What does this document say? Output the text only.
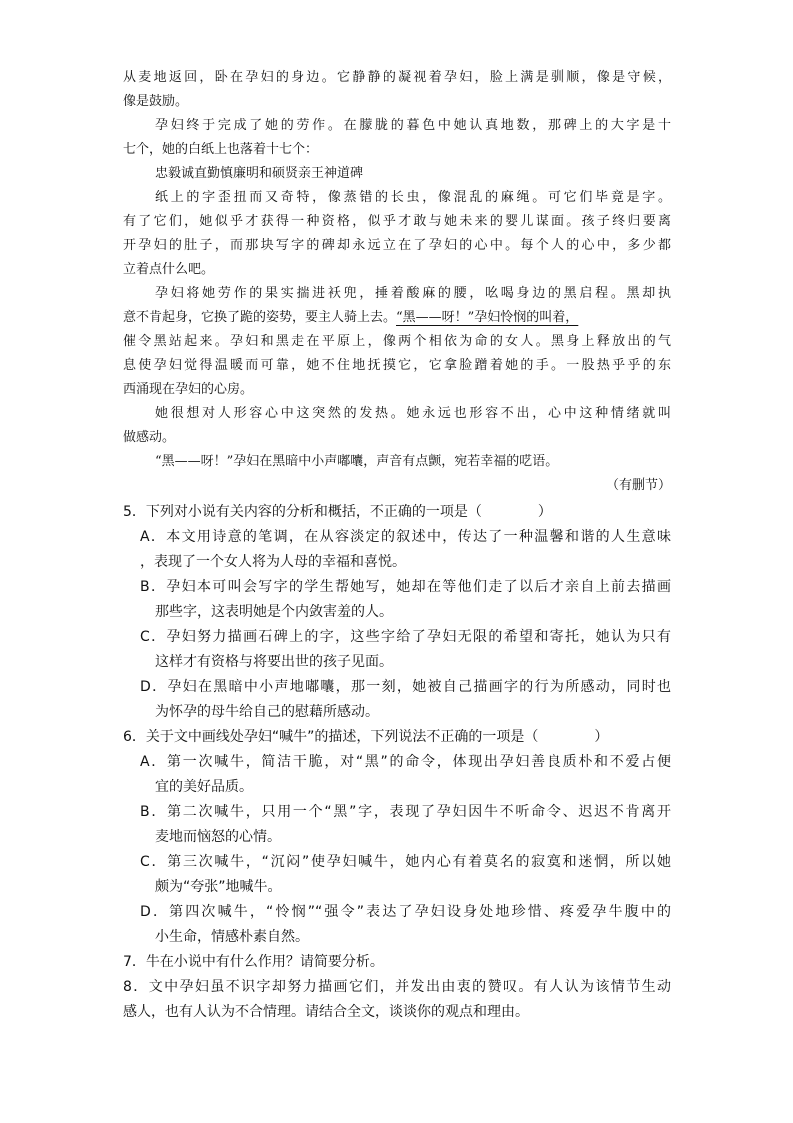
从麦地返回，卧在孕妇的身边。它静静的凝视着孕妇，脸上满是驯顺，像是守候，
像是鼓励。
孕妇终于完成了她的劳作。在朦胧的暮色中她认真地数，那碑上的大字是十
七个，她的白纸上也落着十七个：
忠毅诚直勤慎廉明和硕贤亲王神道碑
纸上的字歪扭而又奇特，像蒸错的长虫，像混乱的麻绳。可它们毕竟是字。
有了它们，她似乎才获得一种资格，似乎才敢与她未来的婴儿谋面。孩子终归要离
开孕妇的肚子，而那块写字的碑却永远立在了孕妇的心中。每个人的心中，多少都
立着点什么吧。
孕妇将她劳作的果实揣进袄兜，捶着酸麻的腰，吆喝身边的黑启程。黑却执
意不肯起身，它换了跪的姿势，要主人骑上去。“黑——呀！”孕妇怜悯的叫着，
催令黑站起来。孕妇和黑走在平原上，像两个相依为命的女人。黑身上释放出的气
息使孕妇觉得温暖而可靠，她不住地抚摸它，它拿脸蹭着她的手。一股热乎乎的东
西涌现在孕妇的心房。
她很想对人形容心中这突然的发热。她永远也形容不出，心中这种情绪就叫
做感动。
“黑——呀！”孕妇在黑暗中小声嘟囔，声音有点颤，宛若幸福的呓语。
（有删节）
5．下列对小说有关内容的分析和概括，不正确的一项是（　　　　）
A．本文用诗意的笔调，在从容淡定的叙述中，传达了一种温馨和谐的人生意味
，表现了一个女人将为人母的幸福和喜悦。
B．孕妇本可叫会写字的学生帮她写，她却在等他们走了以后才亲自上前去描画
那些字，这表明她是个内敛害羞的人。
C．孕妇努力描画石碑上的字，这些字给了孕妇无限的希望和寄托，她认为只有
这样才有资格与将要出世的孩子见面。
D．孕妇在黑暗中小声地嘟囔，那一刻，她被自己描画字的行为所感动，同时也
为怀孕的母牛给自己的慰藉所感动。
6．关于文中画线处孕妇“喊牛”的描述，下列说法不正确的一项是（　　　　）
A．第一次喊牛，简洁干脆，对“黑”的命令，体现出孕妇善良质朴和不爱占便
宜的美好品质。
B．第二次喊牛，只用一个“黑”字，表现了孕妇因牛不听命令、迟迟不肯离开
麦地而恼怒的心情。
C．第三次喊牛，“沉闷”使孕妇喊牛，她内心有着莫名的寂寞和迷惘，所以她
颇为“夸张”地喊牛。
D．第四次喊牛，“怜悯”“强令”表达了孕妇设身处地珍惜、疼爱孕牛腹中的
小生命，情感朴素自然。
7．牛在小说中有什么作用？请简要分析。
8．文中孕妇虽不识字却努力描画它们，并发出由衷的赞叹。有人认为该情节生动
感人，也有人认为不合情理。请结合全文，谈谈你的观点和理由。
